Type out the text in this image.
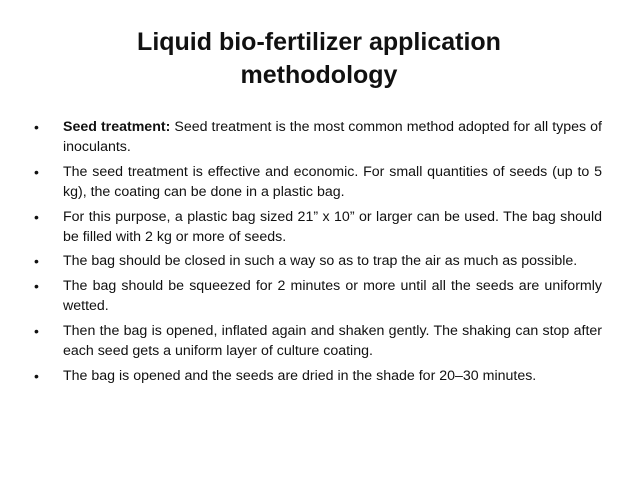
Liquid bio-fertilizer application
methodology
•	Seed treatment: Seed treatment is the most common method adopted for all types of inoculants.
•	The seed treatment is effective and economic. For small quantities of seeds (up to 5 kg), the coating can be done in a plastic bag.
•	For this purpose, a plastic bag sized 21” x 10” or larger can be used. The bag should be filled with 2 kg or more of seeds.
•	The bag should be closed in such a way so as to trap the air as much as possible.
•	The bag should be squeezed for 2 minutes or more until all the seeds are uniformly wetted.
•	Then the bag is opened, inflated again and shaken gently. The shaking can stop after each seed gets a uniform layer of culture coating.
•	The bag is opened and the seeds are dried in the shade for 20–30 minutes.
